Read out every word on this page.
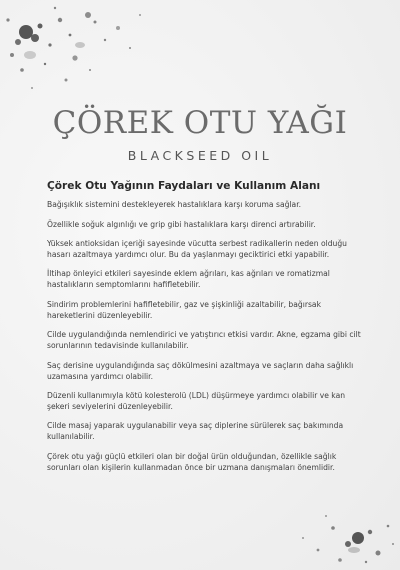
ÇÖREK OTU YAĞI
BLACKSEED OIL
Çörek Otu Yağının Faydaları ve Kullanım Alanı
Bağışıklık sistemini destekleyerek hastalıklara karşı koruma sağlar.
Özellikle soğuk algınlığı ve grip gibi hastalıklara karşı direnci artırabilir.
Yüksek antioksidan içeriği sayesinde vücutta serbest radikallerin neden olduğu hasarı azaltmaya yardımcı olur. Bu da yaşlanmayı geciktirici etki yapabilir.
İltihap önleyici etkileri sayesinde eklem ağrıları, kas ağrıları ve romatizmal hastalıkların semptomlarını hafifletebilir.
Sindirim problemlerini hafifletebilir, gaz ve şişkinliği azaltabilir, bağırsak hareketlerini düzenleyebilir.
Cilde uygulandığında nemlendirici ve yatıştırıcı etkisi vardır. Akne, egzama gibi cilt sorunlarının tedavisinde kullanılabilir.
Saç derisine uygulandığında saç dökülmesini azaltmaya ve saçların daha sağlıklı uzamasına yardımcı olabilir.
Düzenli kullanımıyla kötü kolesterolü (LDL) düşürmeye yardımcı olabilir ve kan şekeri seviyelerini düzenleyebilir.
Cilde masaj yaparak uygulanabilir veya saç diplerine sürülerek saç bakımında kullanılabilir.
Çörek otu yağı güçlü etkileri olan bir doğal ürün olduğundan, özellikle sağlık sorunları olan kişilerin kullanmadan önce bir uzmana danışmaları önemlidir.
